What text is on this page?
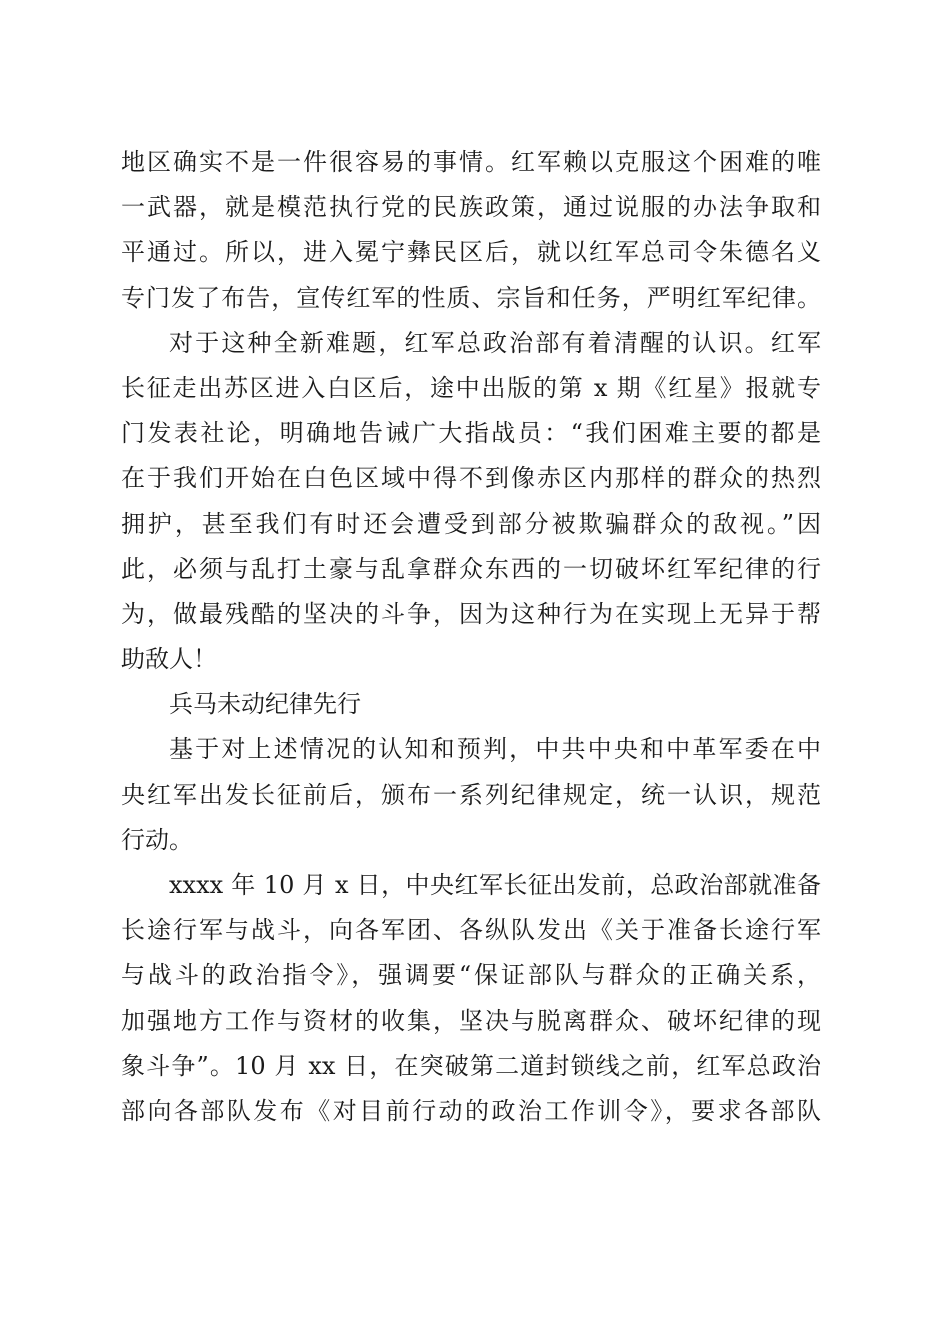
地区确实不是一件很容易的事情。红军赖以克服这个困难的唯
一武器，就是模范执行党的民族政策，通过说服的办法争取和
平通过。所以，进入冕宁彝民区后，就以红军总司令朱德名义
专门发了布告，宣传红军的性质、宗旨和任务，严明红军纪律。
对于这种全新难题，红军总政治部有着清醒的认识。红军
长征走出苏区进入白区后，途中出版的第 x 期《红星》报就专
门发表社论，明确地告诫广大指战员：“我们困难主要的都是
在于我们开始在白色区域中得不到像赤区内那样的群众的热烈
拥护，甚至我们有时还会遭受到部分被欺骗群众的敌视。”因
此，必须与乱打土豪与乱拿群众东西的一切破坏红军纪律的行
为，做最残酷的坚决的斗争，因为这种行为在实现上无异于帮
助敌人！
兵马未动纪律先行
基于对上述情况的认知和预判，中共中央和中革军委在中
央红军出发长征前后，颁布一系列纪律规定，统一认识，规范
行动。
xxxx 年 10 月 x 日，中央红军长征出发前，总政治部就准备
长途行军与战斗，向各军团、各纵队发出《关于准备长途行军
与战斗的政治指令》，强调要“保证部队与群众的正确关系，
加强地方工作与资材的收集，坚决与脱离群众、破坏纪律的现
象斗争”。10 月 xx 日，在突破第二道封锁线之前，红军总政治
部向各部队发布《对目前行动的政治工作训令》，要求各部队
